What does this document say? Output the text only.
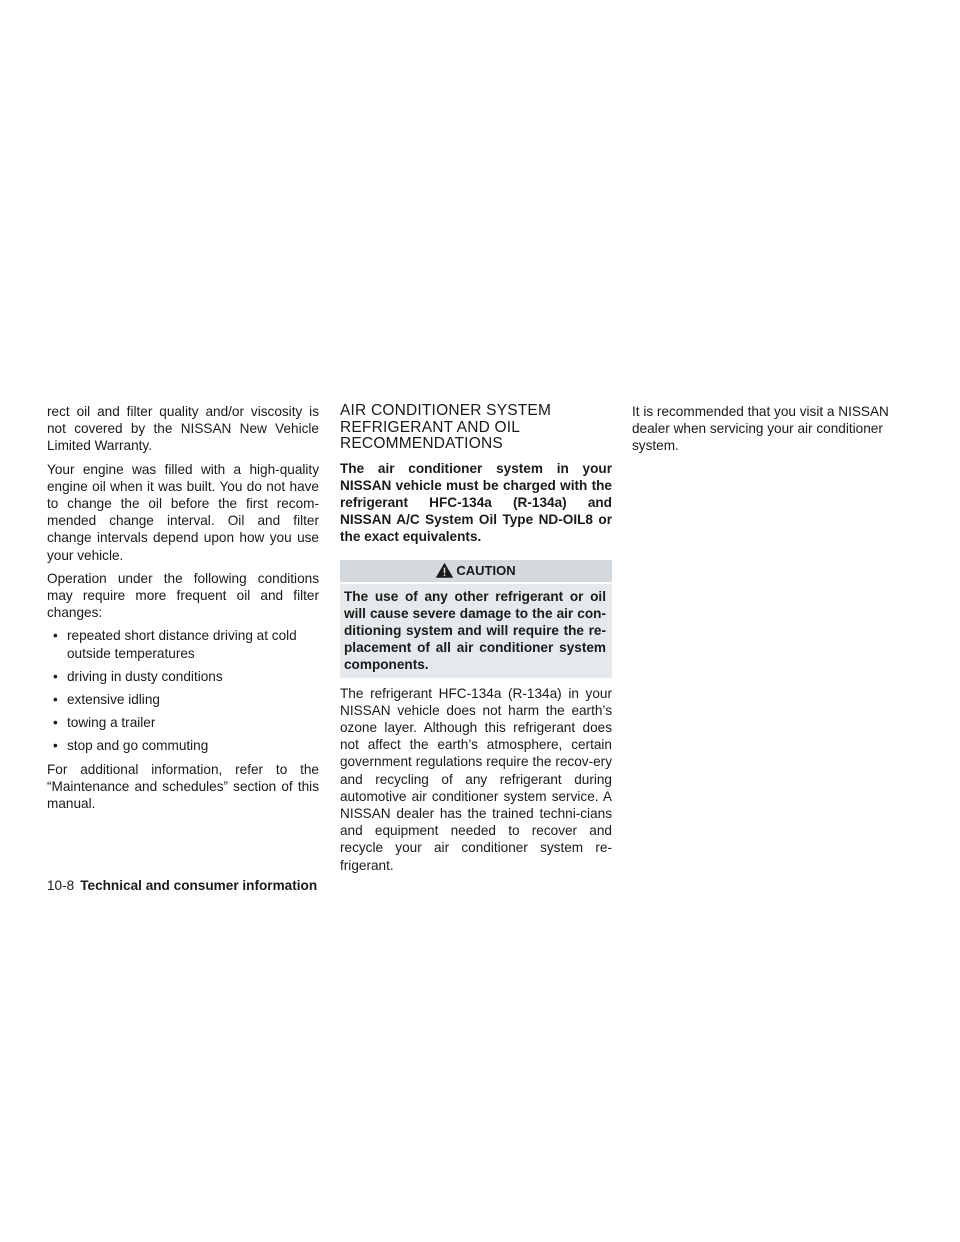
rect oil and filter quality and/or viscosity is not covered by the NISSAN New Vehicle Limited Warranty.

Your engine was filled with a high-quality engine oil when it was built. You do not have to change the oil before the first recom-mended change interval. Oil and filter change intervals depend upon how you use your vehicle.

Operation under the following conditions may require more frequent oil and filter changes:

• repeated short distance driving at cold outside temperatures
• driving in dusty conditions
• extensive idling
• towing a trailer
• stop and go commuting

For additional information, refer to the “Maintenance and schedules” section of this manual.

AIR CONDITIONER SYSTEM
REFRIGERANT AND OIL
RECOMMENDATIONS

The air conditioner system in your NISSAN vehicle must be charged with the refrigerant HFC-134a (R-134a) and NISSAN A/C System Oil Type ND-OIL8 or the exact equivalents.

CAUTION
The use of any other refrigerant or oil will cause severe damage to the air con-ditioning system and will require the re-placement of all air conditioner system components.

The refrigerant HFC-134a (R-134a) in your NISSAN vehicle does not harm the earth’s ozone layer. Although this refrigerant does not affect the earth’s atmosphere, certain government regulations require the recov-ery and recycling of any refrigerant during automotive air conditioner system service. A NISSAN dealer has the trained techni-cians and equipment needed to recover and recycle your air conditioner system re-frigerant.

It is recommended that you visit a NISSAN dealer when servicing your air conditioner system.

10-8 Technical and consumer information
